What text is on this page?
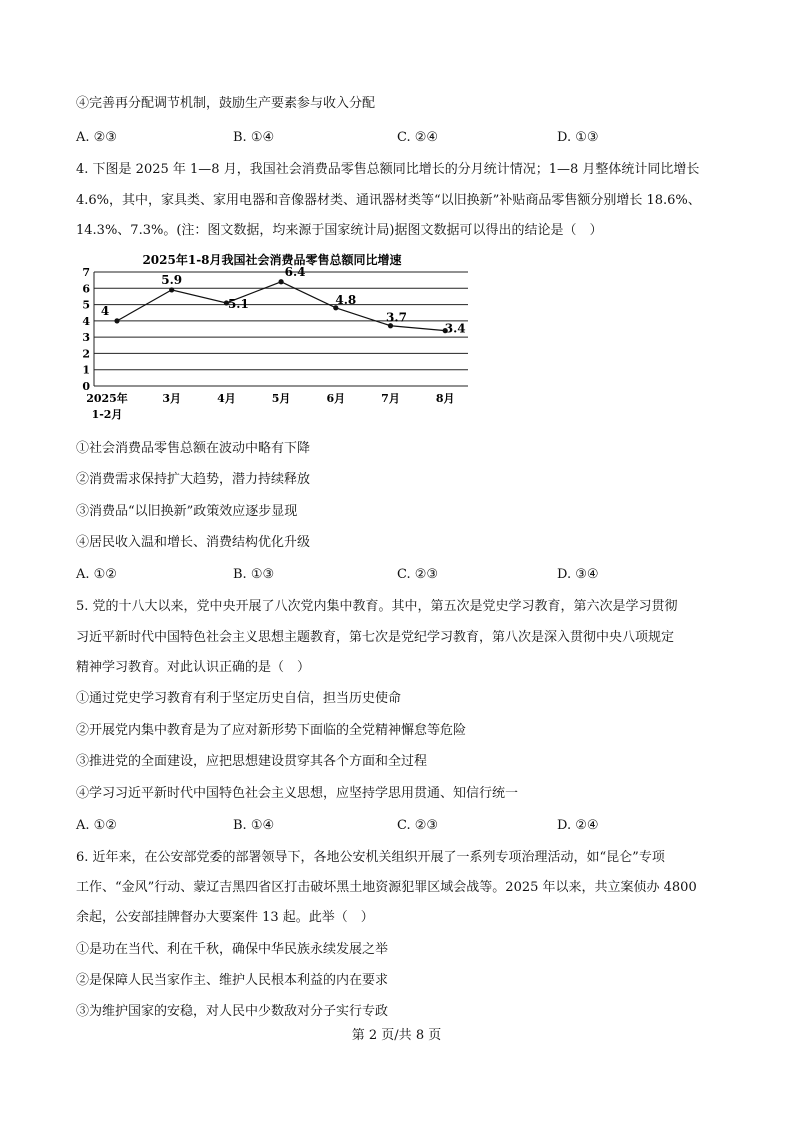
④完善再分配调节机制，鼓励生产要素参与收入分配
A. ②③	B. ①④	C. ②④	D. ①③
4. 下图是 2025 年 1—8 月，我国社会消费品零售总额同比增长的分月统计情况；1—8 月整体统计同比增长
4.6%，其中，家具类、家用电器和音像器材类、通讯器材类等“以旧换新”补贴商品零售额分别增长 18.6%、
14.3%、7.3%。(注：图文数据，均来源于国家统计局)据图文数据可以得出的结论是（　）
2025年1-8月我国社会消费品零售总额同比增速
0
1
2
3
4
5
6
7
2025年
1-2月
3月	4月	5月	6月	7月	8月
4
5.9
5.1
6.4
4.8
3.7
3.4
①社会消费品零售总额在波动中略有下降
②消费需求保持扩大趋势，潜力持续释放
③消费品“以旧换新”政策效应逐步显现
④居民收入温和增长、消费结构优化升级
A. ①②	B. ①③	C. ②③	D. ③④
5. 党的十八大以来，党中央开展了八次党内集中教育。其中，第五次是党史学习教育，第六次是学习贯彻
习近平新时代中国特色社会主义思想主题教育，第七次是党纪学习教育，第八次是深入贯彻中央八项规定
精神学习教育。对此认识正确的是（　）
①通过党史学习教育有利于坚定历史自信，担当历史使命
②开展党内集中教育是为了应对新形势下面临的全党精神懈怠等危险
③推进党的全面建设，应把思想建设贯穿其各个方面和全过程
④学习习近平新时代中国特色社会主义思想，应坚持学思用贯通、知信行统一
A. ①②	B. ①④	C. ②③	D. ②④
6. 近年来，在公安部党委的部署领导下，各地公安机关组织开展了一系列专项治理活动，如“昆仑”专项
工作、“金风”行动、蒙辽吉黑四省区打击破坏黑土地资源犯罪区域会战等。2025 年以来，共立案侦办 4800
余起，公安部挂牌督办大要案件 13 起。此举（　）
①是功在当代、利在千秋，确保中华民族永续发展之举
②是保障人民当家作主、维护人民根本利益的内在要求
③为维护国家的安稳，对人民中少数敌对分子实行专政
第 2 页/共 8 页
